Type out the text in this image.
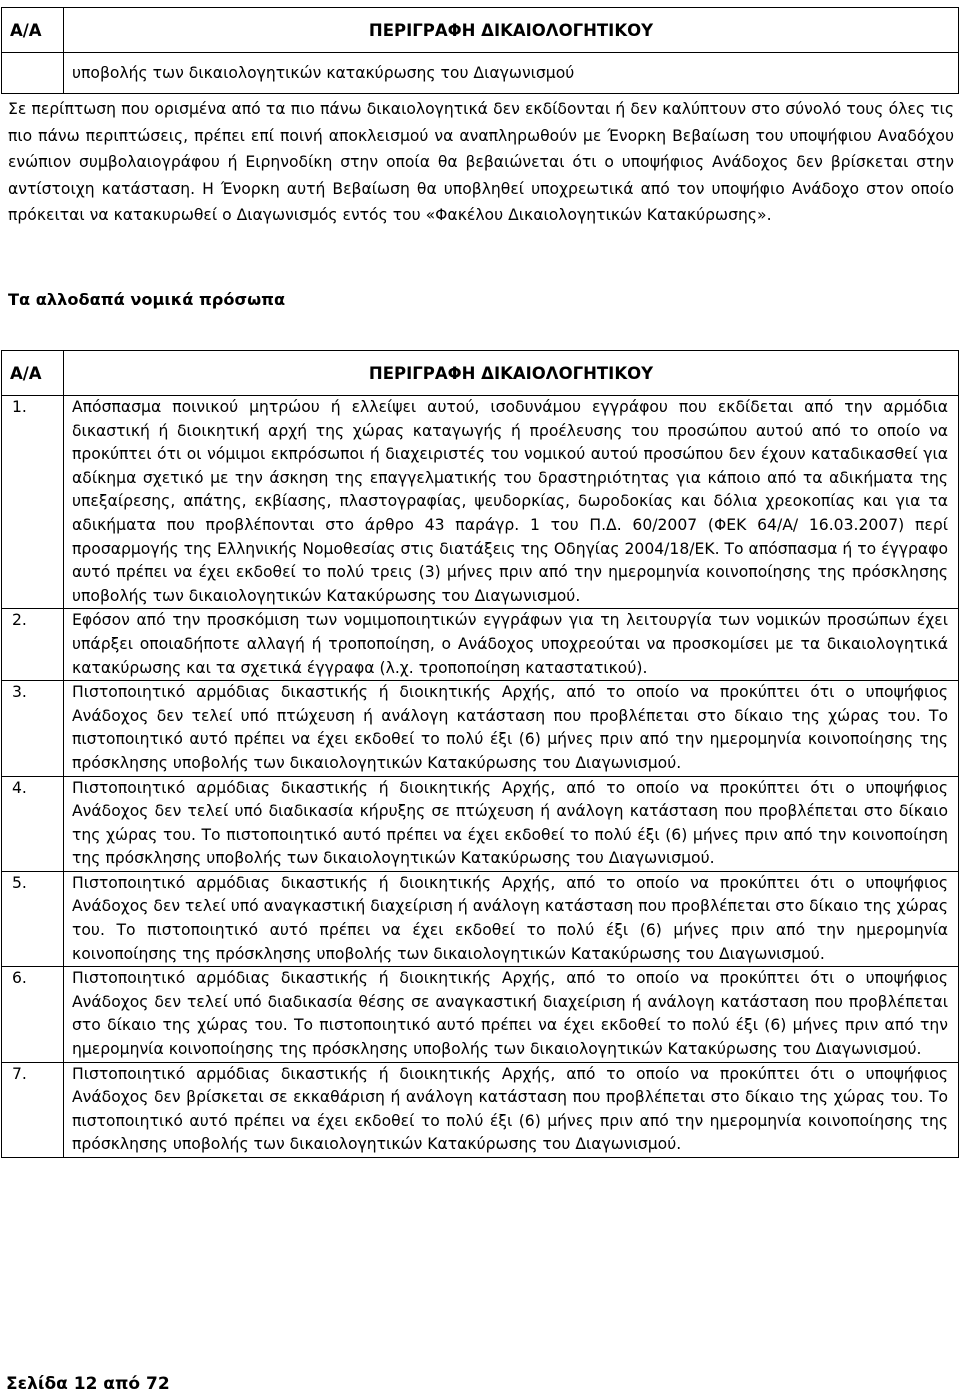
Α/Α	ΠΕΡΙΓΡΑΦΗ ΔΙΚΑΙΟΛΟΓΗΤΙΚΟΥ
	υποβολής των δικαιολογητικών κατακύρωσης του Διαγωνισμού

Σε περίπτωση που ορισμένα από τα πιο πάνω δικαιολογητικά δεν εκδίδονται ή δεν καλύπτουν στο σύνολό τους όλες τις πιο πάνω περιπτώσεις, πρέπει επί ποινή αποκλεισμού να αναπληρωθούν με Ένορκη Βεβαίωση του υποψήφιου Αναδόχου ενώπιον συμβολαιογράφου ή Ειρηνοδίκη στην οποία θα βεβαιώνεται ότι ο υποψήφιος Ανάδοχος δεν βρίσκεται στην αντίστοιχη κατάσταση. Η Ένορκη αυτή Βεβαίωση θα υποβληθεί υποχρεωτικά από τον υποψήφιο Ανάδοχο στον οποίο πρόκειται να κατακυρωθεί ο Διαγωνισμός εντός του «Φακέλου Δικαιολογητικών Κατακύρωσης».

Τα αλλοδαπά νομικά πρόσωπα
Α/Α	ΠΕΡΙΓΡΑΦΗ ΔΙΚΑΙΟΛΟΓΗΤΙΚΟΥ
1.	Απόσπασμα ποινικού μητρώου ή ελλείψει αυτού, ισοδυνάμου εγγράφου που εκδίδεται από την αρμόδια δικαστική ή διοικητική αρχή της χώρας καταγωγής ή προέλευσης του προσώπου αυτού από το οποίο να προκύπτει ότι οι νόμιμοι εκπρόσωποι ή διαχειριστές του νομικού αυτού προσώπου δεν έχουν καταδικασθεί για αδίκημα σχετικό με την άσκηση της επαγγελματικής του δραστηριότητας για κάποιο από τα αδικήματα της υπεξαίρεσης, απάτης, εκβίασης, πλαστογραφίας, ψευδορκίας, δωροδοκίας και δόλια χρεοκοπίας και για τα αδικήματα που προβλέπονται στο άρθρο 43 παράγρ. 1 του Π.Δ. 60/2007 (ΦΕΚ 64/Α/ 16.03.2007) περί προσαρμογής της Ελληνικής Νομοθεσίας στις διατάξεις της Οδηγίας 2004/18/ΕΚ. Το απόσπασμα ή το έγγραφο αυτό πρέπει να έχει εκδοθεί το πολύ τρεις (3) μήνες πριν από την ημερομηνία κοινοποίησης της πρόσκλησης υποβολής των δικαιολογητικών Κατακύρωσης του Διαγωνισμού.
2.	Εφόσον από την προσκόμιση των νομιμοποιητικών εγγράφων για τη λειτουργία των νομικών προσώπων έχει υπάρξει οποιαδήποτε αλλαγή ή τροποποίηση, ο Ανάδοχος υποχρεούται να προσκομίσει με τα δικαιολογητικά κατακύρωσης και τα σχετικά έγγραφα (λ.χ. τροποποίηση καταστατικού).
3.	Πιστοποιητικό αρμόδιας δικαστικής ή διοικητικής Αρχής, από το οποίο να προκύπτει ότι ο υποψήφιος Ανάδοχος δεν τελεί υπό πτώχευση ή ανάλογη κατάσταση που προβλέπεται στο δίκαιο της χώρας του. Το πιστοποιητικό αυτό πρέπει να έχει εκδοθεί το πολύ έξι (6) μήνες πριν από την ημερομηνία κοινοποίησης της πρόσκλησης υποβολής των δικαιολογητικών Κατακύρωσης του Διαγωνισμού.
4.	Πιστοποιητικό αρμόδιας δικαστικής ή διοικητικής Αρχής, από το οποίο να προκύπτει ότι ο υποψήφιος Ανάδοχος δεν τελεί υπό διαδικασία κήρυξης σε πτώχευση ή ανάλογη κατάσταση που προβλέπεται στο δίκαιο της χώρας του. Το πιστοποιητικό αυτό πρέπει να έχει εκδοθεί το πολύ έξι (6) μήνες πριν από την κοινοποίηση της πρόσκλησης υποβολής των δικαιολογητικών Κατακύρωσης του Διαγωνισμού.
5.	Πιστοποιητικό αρμόδιας δικαστικής ή διοικητικής Αρχής, από το οποίο να προκύπτει ότι ο υποψήφιος Ανάδοχος δεν τελεί υπό αναγκαστική διαχείριση ή ανάλογη κατάσταση που προβλέπεται στο δίκαιο της χώρας του. Το πιστοποιητικό αυτό πρέπει να έχει εκδοθεί το πολύ έξι (6) μήνες πριν από την ημερομηνία κοινοποίησης της πρόσκλησης υποβολής των δικαιολογητικών Κατακύρωσης του Διαγωνισμού.
6.	Πιστοποιητικό αρμόδιας δικαστικής ή διοικητικής Αρχής, από το οποίο να προκύπτει ότι ο υποψήφιος Ανάδοχος δεν τελεί υπό διαδικασία θέσης σε αναγκαστική διαχείριση ή ανάλογη κατάσταση που προβλέπεται στο δίκαιο της χώρας του. Το πιστοποιητικό αυτό πρέπει να έχει εκδοθεί το πολύ έξι (6) μήνες πριν από την ημερομηνία κοινοποίησης της πρόσκλησης υποβολής των δικαιολογητικών Κατακύρωσης του Διαγωνισμού.
7.	Πιστοποιητικό αρμόδιας δικαστικής ή διοικητικής Αρχής, από το οποίο να προκύπτει ότι ο υποψήφιος Ανάδοχος δεν βρίσκεται σε εκκαθάριση ή ανάλογη κατάσταση που προβλέπεται στο δίκαιο της χώρας του. Το πιστοποιητικό αυτό πρέπει να έχει εκδοθεί το πολύ έξι (6) μήνες πριν από την ημερομηνία κοινοποίησης της πρόσκλησης υποβολής των δικαιολογητικών Κατακύρωσης του Διαγωνισμού.
Σελίδα 12 από 72
